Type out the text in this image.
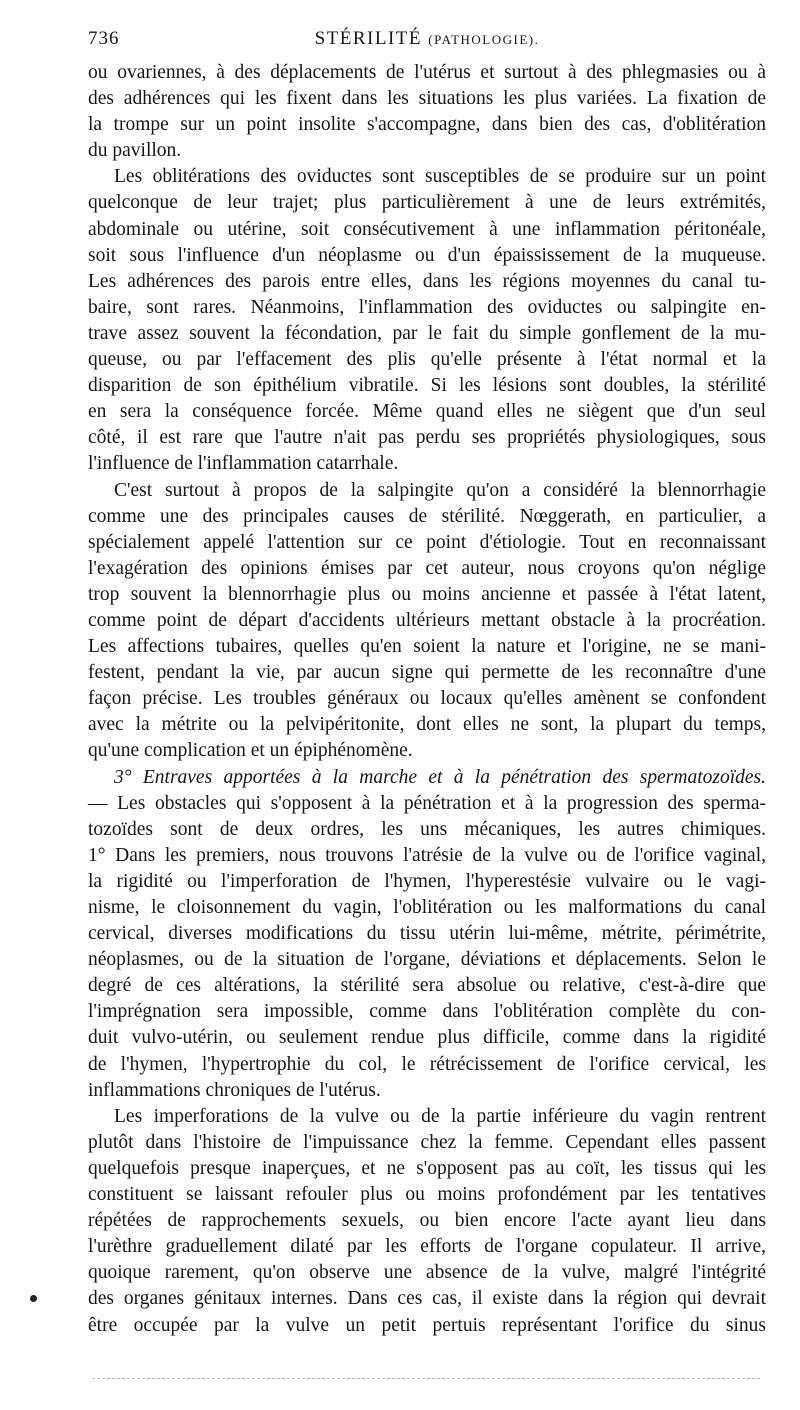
736	STÉRILITÉ (PATHOLOGIE).
ou ovariennes, à des déplacements de l'utérus et surtout à des phlegmasies ou à
des adhérences qui les fixent dans les situations les plus variées. La fixation de
la trompe sur un point insolite s'accompagne, dans bien des cas, d'oblitération
du pavillon.
Les oblitérations des oviductes sont susceptibles de se produire sur un point
quelconque de leur trajet; plus particulièrement à une de leurs extrémités,
abdominale ou utérine, soit consécutivement à une inflammation péritonéale,
soit sous l'influence d'un néoplasme ou d'un épaississement de la muqueuse.
Les adhérences des parois entre elles, dans les régions moyennes du canal tu-
baire, sont rares. Néanmoins, l'inflammation des oviductes ou salpingite en-
trave assez souvent la fécondation, par le fait du simple gonflement de la mu-
queuse, ou par l'effacement des plis qu'elle présente à l'état normal et la
disparition de son épithélium vibratile. Si les lésions sont doubles, la stérilité
en sera la conséquence forcée. Même quand elles ne siègent que d'un seul
côté, il est rare que l'autre n'ait pas perdu ses propriétés physiologiques, sous
l'influence de l'inflammation catarrhale.
C'est surtout à propos de la salpingite qu'on a considéré la blennorrhagie
comme une des principales causes de stérilité. Nœggerath, en particulier, a
spécialement appelé l'attention sur ce point d'étiologie. Tout en reconnaissant
l'exagération des opinions émises par cet auteur, nous croyons qu'on néglige
trop souvent la blennorrhagie plus ou moins ancienne et passée à l'état latent,
comme point de départ d'accidents ultérieurs mettant obstacle à la procréation.
Les affections tubaires, quelles qu'en soient la nature et l'origine, ne se mani-
festent, pendant la vie, par aucun signe qui permette de les reconnaître d'une
façon précise. Les troubles généraux ou locaux qu'elles amènent se confondent
avec la métrite ou la pelvipéritonite, dont elles ne sont, la plupart du temps,
qu'une complication et un épiphénomène.
3° Entraves apportées à la marche et à la pénétration des spermatozoïdes.
— Les obstacles qui s'opposent à la pénétration et à la progression des sperma-
tozoïdes sont de deux ordres, les uns mécaniques, les autres chimiques.
1° Dans les premiers, nous trouvons l'atrésie de la vulve ou de l'orifice vaginal,
la rigidité ou l'imperforation de l'hymen, l'hyperestésie vulvaire ou le vagi-
nisme, le cloisonnement du vagin, l'oblitération ou les malformations du canal
cervical, diverses modifications du tissu utérin lui-même, métrite, périmétrite,
néoplasmes, ou de la situation de l'organe, déviations et déplacements. Selon le
degré de ces altérations, la stérilité sera absolue ou relative, c'est-à-dire que
l'imprégnation sera impossible, comme dans l'oblitération complète du con-
duit vulvo-utérin, ou seulement rendue plus difficile, comme dans la rigidité
de l'hymen, l'hypertrophie du col, le rétrécissement de l'orifice cervical, les
inflammations chroniques de l'utérus.
Les imperforations de la vulve ou de la partie inférieure du vagin rentrent
plutôt dans l'histoire de l'impuissance chez la femme. Cependant elles passent
quelquefois presque inaperçues, et ne s'opposent pas au coït, les tissus qui les
constituent se laissant refouler plus ou moins profondément par les tentatives
répétées de rapprochements sexuels, ou bien encore l'acte ayant lieu dans
l'urèthre graduellement dilaté par les efforts de l'organe copulateur. Il arrive,
quoique rarement, qu'on observe une absence de la vulve, malgré l'intégrité
des organes génitaux internes. Dans ces cas, il existe dans la région qui devrait
être occupée par la vulve un petit pertuis représentant l'orifice du sinus
